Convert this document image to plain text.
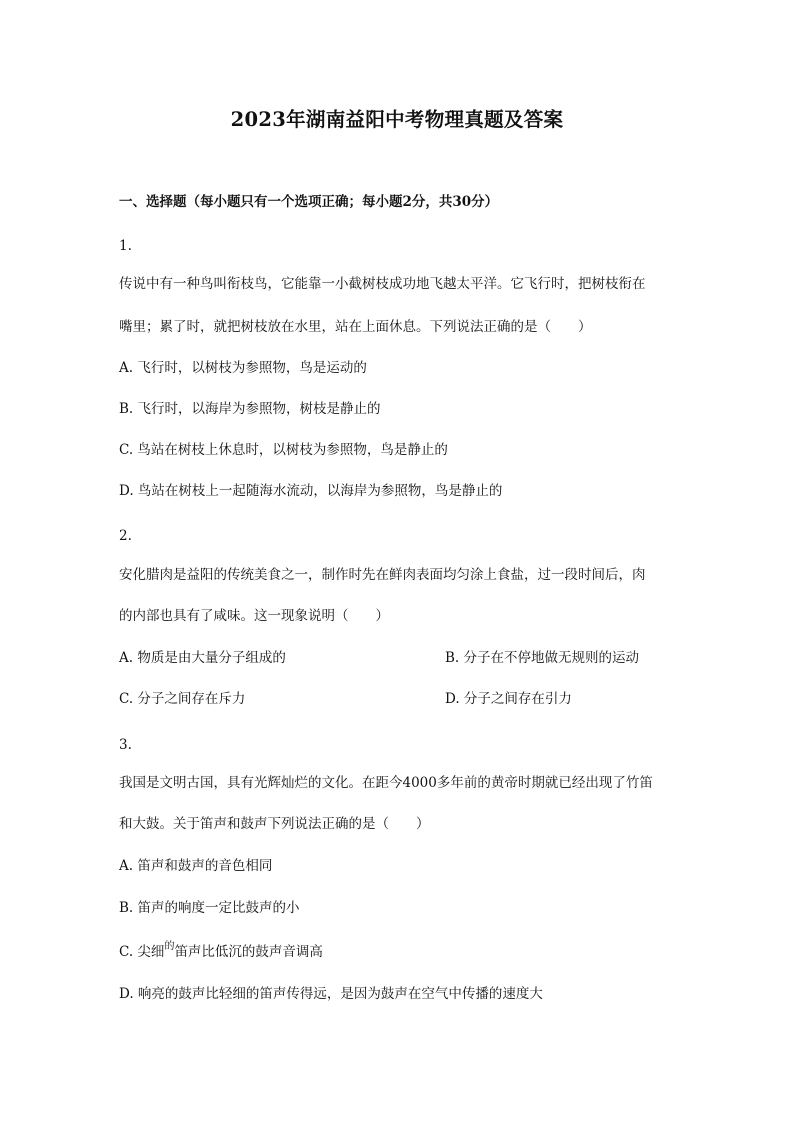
2023年湖南益阳中考物理真题及答案
一、选择题（每小题只有一个选项正确；每小题2分，共30分）
1.
传说中有一种鸟叫衔枝鸟，它能靠一小截树枝成功地飞越太平洋。它飞行时，把树枝衔在
嘴里；累了时，就把树枝放在水里，站在上面休息。下列说法正确的是（　　）
A. 飞行时，以树枝为参照物，鸟是运动的
B. 飞行时，以海岸为参照物，树枝是静止的
C. 鸟站在树枝上休息时，以树枝为参照物，鸟是静止的
D. 鸟站在树枝上一起随海水流动，以海岸为参照物，鸟是静止的
2.
安化腊肉是益阳的传统美食之一，制作时先在鲜肉表面均匀涂上食盐，过一段时间后，肉
的内部也具有了咸味。这一现象说明（　　）
A. 物质是由大量分子组成的	B. 分子在不停地做无规则的运动
C. 分子之间存在斥力	D. 分子之间存在引力
3.
我国是文明古国，具有光辉灿烂的文化。在距今4000多年前的黄帝时期就已经出现了竹笛
和大鼓。关于笛声和鼓声下列说法正确的是（　　）
A. 笛声和鼓声的音色相同
B. 笛声的响度一定比鼓声的小
C. 尖细$^的$笛声比低沉的鼓声音调高
D. 响亮的鼓声比轻细的笛声传得远，是因为鼓声在空气中传播的速度大
